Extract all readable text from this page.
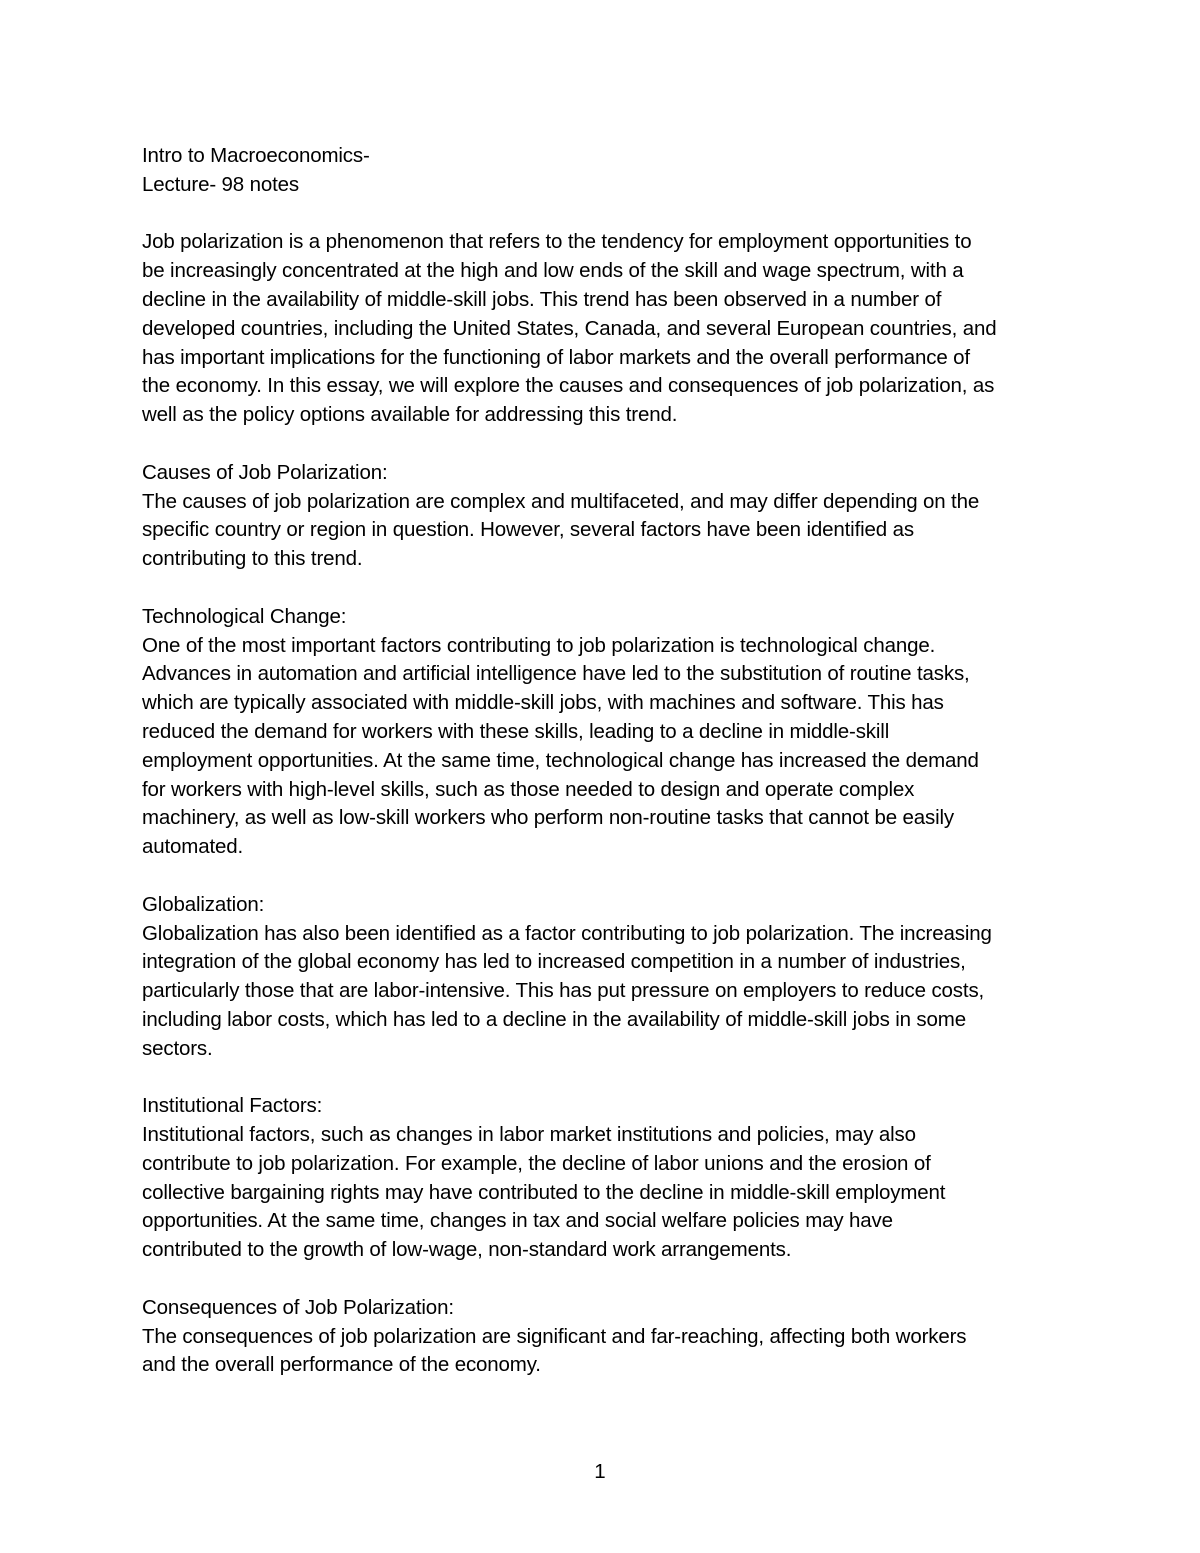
Intro to Macroeconomics-
Lecture- 98 notes
Job polarization is a phenomenon that refers to the tendency for employment opportunities to
be increasingly concentrated at the high and low ends of the skill and wage spectrum, with a
decline in the availability of middle-skill jobs. This trend has been observed in a number of
developed countries, including the United States, Canada, and several European countries, and
has important implications for the functioning of labor markets and the overall performance of
the economy. In this essay, we will explore the causes and consequences of job polarization, as
well as the policy options available for addressing this trend.
Causes of Job Polarization:
The causes of job polarization are complex and multifaceted, and may differ depending on the
specific country or region in question. However, several factors have been identified as
contributing to this trend.
Technological Change:
One of the most important factors contributing to job polarization is technological change.
Advances in automation and artificial intelligence have led to the substitution of routine tasks,
which are typically associated with middle-skill jobs, with machines and software. This has
reduced the demand for workers with these skills, leading to a decline in middle-skill
employment opportunities. At the same time, technological change has increased the demand
for workers with high-level skills, such as those needed to design and operate complex
machinery, as well as low-skill workers who perform non-routine tasks that cannot be easily
automated.
Globalization:
Globalization has also been identified as a factor contributing to job polarization. The increasing
integration of the global economy has led to increased competition in a number of industries,
particularly those that are labor-intensive. This has put pressure on employers to reduce costs,
including labor costs, which has led to a decline in the availability of middle-skill jobs in some
sectors.
Institutional Factors:
Institutional factors, such as changes in labor market institutions and policies, may also
contribute to job polarization. For example, the decline of labor unions and the erosion of
collective bargaining rights may have contributed to the decline in middle-skill employment
opportunities. At the same time, changes in tax and social welfare policies may have
contributed to the growth of low-wage, non-standard work arrangements.
Consequences of Job Polarization:
The consequences of job polarization are significant and far-reaching, affecting both workers
and the overall performance of the economy.
1
